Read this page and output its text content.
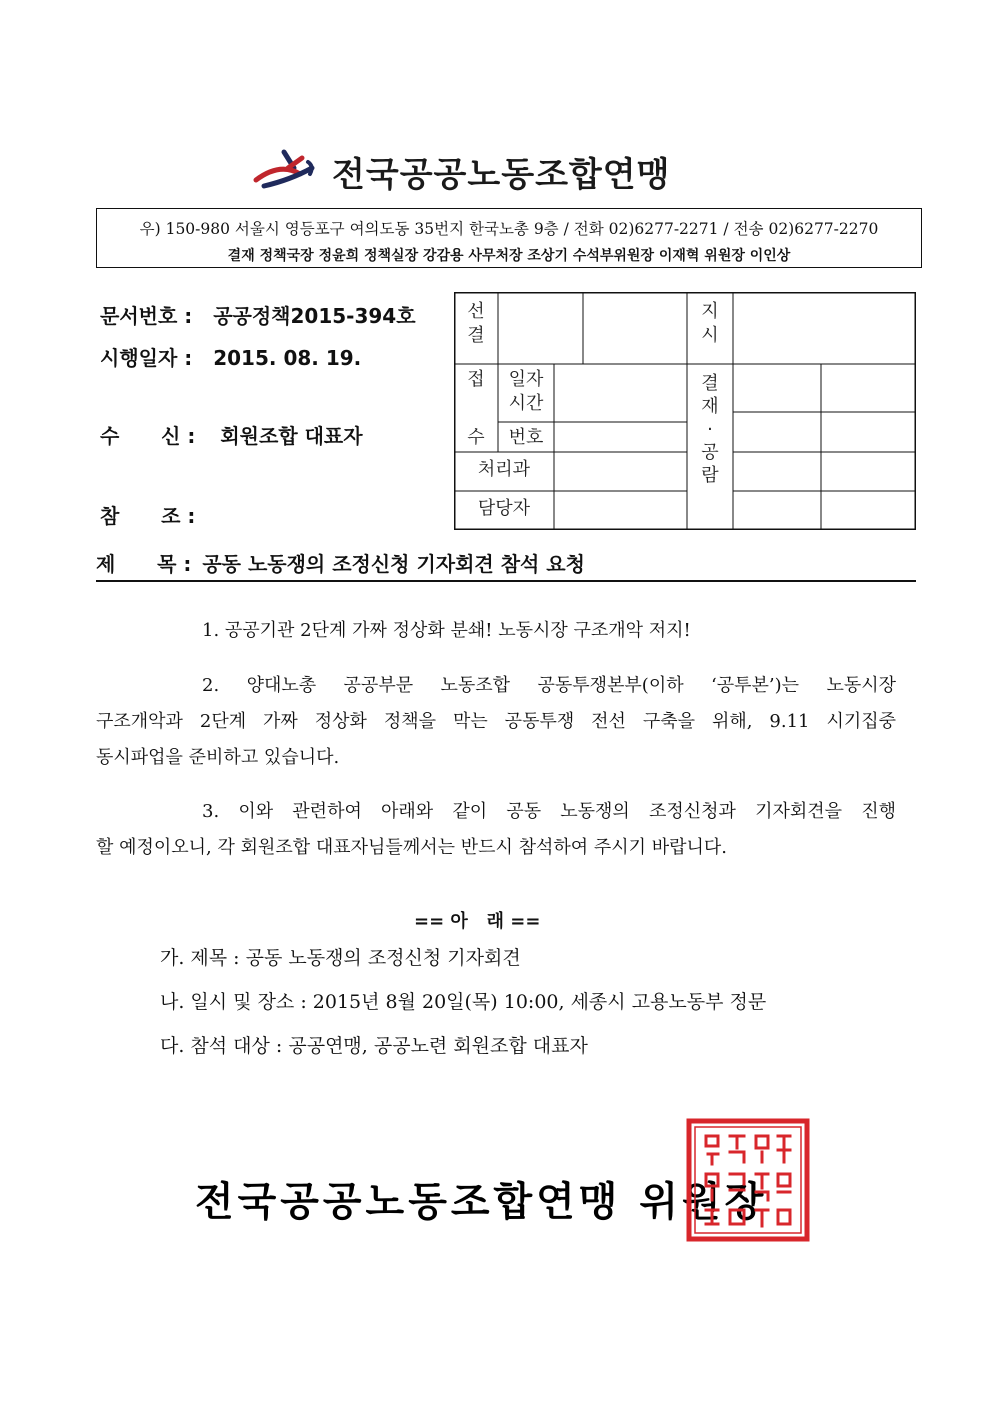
전국공공노동조합연맹
우) 150-980 서울시 영등포구 여의도동 35번지 한국노총 9층 / 전화 02)6277-2271 / 전송 02)6277-2270
결재 정책국장 정윤희 정책실장 강감용 사무처장 조상기 수석부위원장 이재혁 위원장 이인상
문서번호 : 공공정책2015-394호
시행일자 : 2015. 08. 19.
수      신 : 회원조합 대표자
참      조 :
선
결
지
시
접
수
일자
시간
번호
처리과
담당자
결
재
·
공
람
제      목 : 공동 노동쟁의 조정신청 기자회견 참석 요청
1. 공공기관 2단계 가짜 정상화 분쇄! 노동시장 구조개악 저지!
2. 양대노총 공공부문 노동조합 공동투쟁본부(이하 ‘공투본’)는 노동시장
구조개악과 2단계 가짜 정상화 정책을 막는 공동투쟁 전선 구축을 위해, 9.11 시기집중
동시파업을 준비하고 있습니다.
3. 이와 관련하여 아래와 같이 공동 노동쟁의 조정신청과 기자회견을 진행
할 예정이오니, 각 회원조합 대표자님들께서는 반드시 참석하여 주시기 바랍니다.
== 아   래 ==
가. 제목 : 공동 노동쟁의 조정신청 기자회견
나. 일시 및 장소 : 2015년 8월 20일(목) 10:00, 세종시 고용노동부 정문
다. 참석 대상 : 공공연맹, 공공노련 회원조합 대표자
전국공공노동조합연맹 위원장
